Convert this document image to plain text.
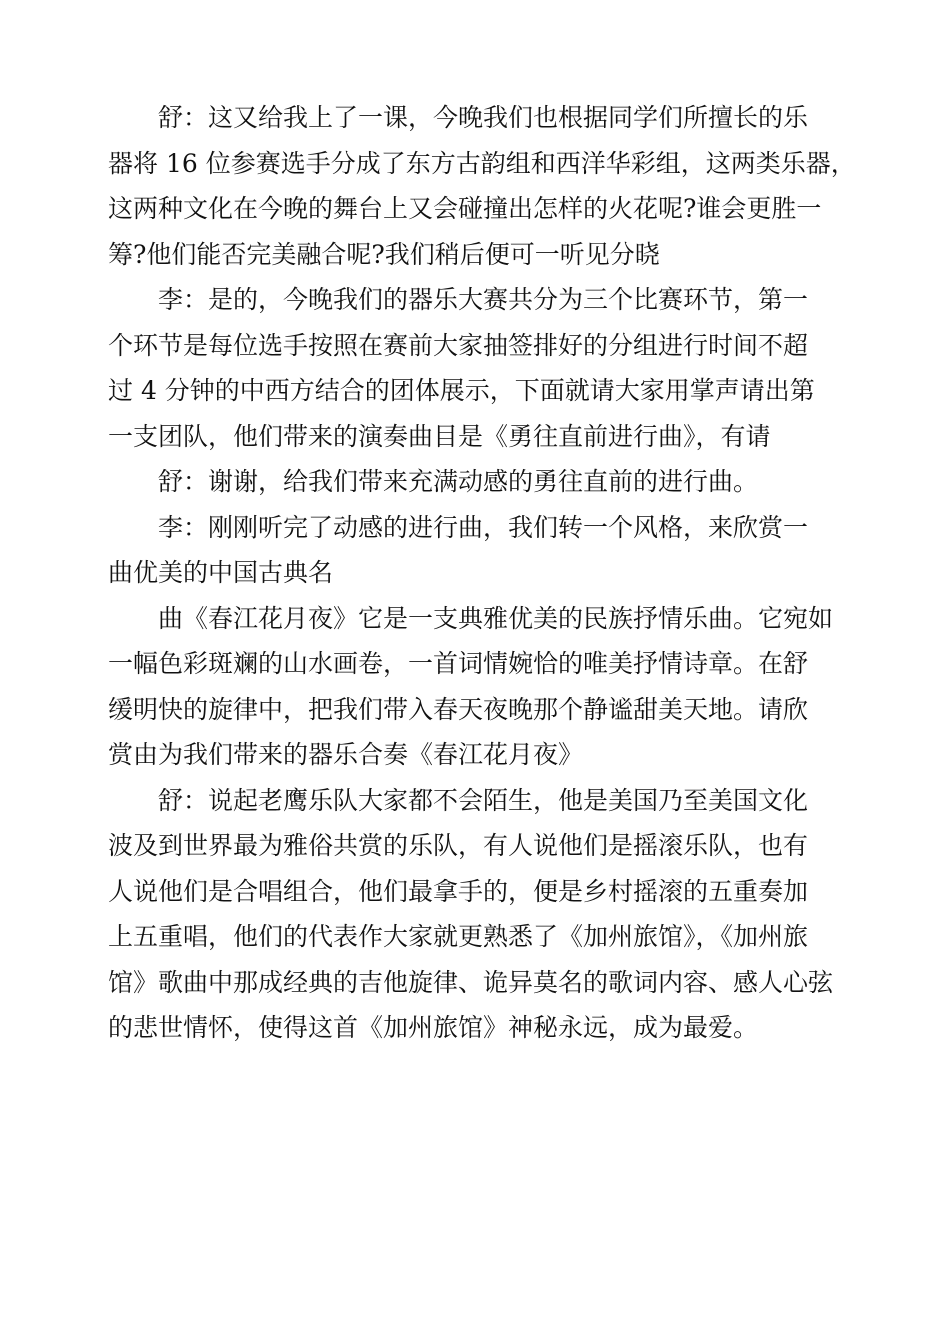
舒：这又给我上了一课，今晚我们也根据同学们所擅长的乐
器将 16 位参赛选手分成了东方古韵组和西洋华彩组，这两类乐器，
这两种文化在今晚的舞台上又会碰撞出怎样的火花呢?谁会更胜一
筹?他们能否完美融合呢?我们稍后便可一听见分晓
李：是的，今晚我们的器乐大赛共分为三个比赛环节，第一
个环节是每位选手按照在赛前大家抽签排好的分组进行时间不超
过 4 分钟的中西方结合的团体展示，下面就请大家用掌声请出第
一支团队，他们带来的演奏曲目是《勇往直前进行曲》，有请
舒：谢谢，给我们带来充满动感的勇往直前的进行曲。
李：刚刚听完了动感的进行曲，我们转一个风格，来欣赏一
曲优美的中国古典名
曲《春江花月夜》它是一支典雅优美的民族抒情乐曲。它宛如
一幅色彩斑斓的山水画卷，一首词情婉恰的唯美抒情诗章。在舒
缓明快的旋律中，把我们带入春天夜晚那个静谧甜美天地。请欣
赏由为我们带来的器乐合奏《春江花月夜》
舒：说起老鹰乐队大家都不会陌生，他是美国乃至美国文化
波及到世界最为雅俗共赏的乐队，有人说他们是摇滚乐队，也有
人说他们是合唱组合，他们最拿手的，便是乡村摇滚的五重奏加
上五重唱，他们的代表作大家就更熟悉了《加州旅馆》，《加州旅
馆》歌曲中那成经典的吉他旋律、诡异莫名的歌词内容、感人心弦
的悲世情怀，使得这首《加州旅馆》神秘永远，成为最爱。
